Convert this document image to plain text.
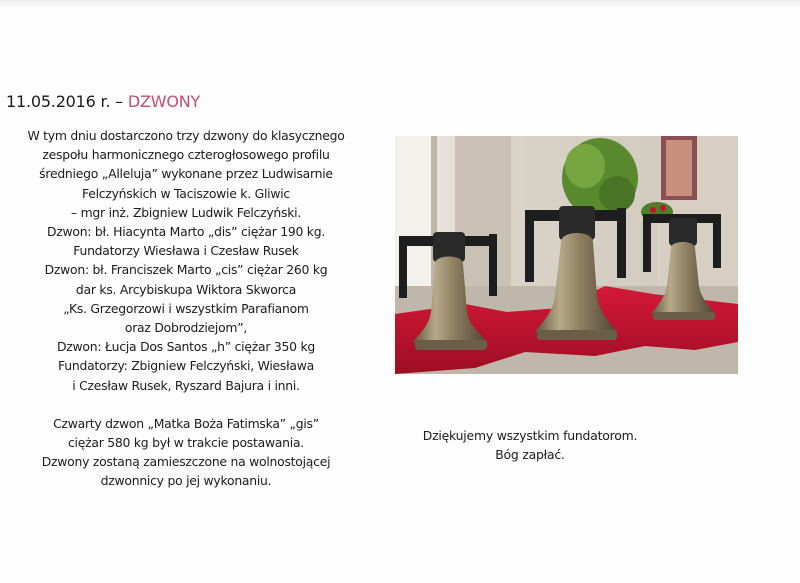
11.05.2016 r. – DZWONY
W tym dniu dostarczono trzy dzwony do klasycznego
zespołu harmonicznego czterogłosowego profilu
średniego „Alleluja” wykonane przez Ludwisarnie
Felczyńskich w Taciszowie k. Gliwic
– mgr inż. Zbigniew Ludwik Felczyński.
Dzwon: bł. Hiacynta Marto „dis” ciężar 190 kg.
Fundatorzy Wiesława i Czesław Rusek
Dzwon: bł. Franciszek Marto „cis” ciężar 260 kg
dar ks. Arcybiskupa Wiktora Skworca
„Ks. Grzegorzowi i wszystkim Parafianom
oraz Dobrodziejom”,
Dzwon: Łucja Dos Santos „h” ciężar 350 kg
Fundatorzy: Zbigniew Felczyński, Wiesława
i Czesław Rusek, Ryszard Bajura i inni.
Czwarty dzwon „Matka Boża Fatimska” „gis”
ciężar 580 kg był w trakcie postawania.
Dzwony zostaną zamieszczone na wolnostojącej
dzwonnicy po jej wykonaniu.
Dziękujemy wszystkim fundatorom.
Bóg zapłać.
